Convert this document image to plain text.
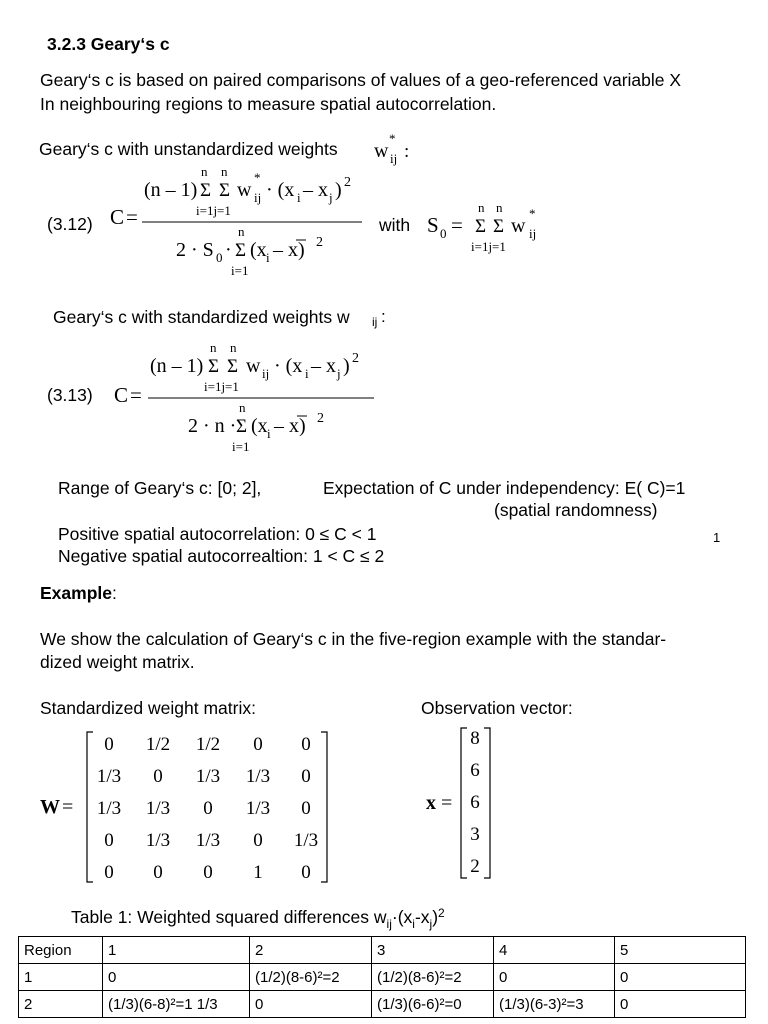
3.2.3 Geary‘s c
Geary‘s c is based on paired comparisons of values of a geo-referenced variable X
In neighbouring regions to measure spatial autocorrelation.
Geary‘s c with unstandardized weights w
*
ij :
(3.12) C =
n n
(n – 1) Σ Σ w
*
ij · (x i – x j ) 2
i=1j=1
n
2 · S 0 · Σ (x i – x) 2
i=1
with S 0 =
n n
Σ Σ w
*
ij
i=1j=1
Geary‘s c with standardized weights w ij :
(3.13) C =
n n
(n – 1) Σ Σ w ij · (x i – x j ) 2
i=1j=1
n
2 · n · Σ (x i – x) 2
i=1
Range of Geary‘s c: [0; 2],	Expectation of C under independency: E( C)=1
(spatial randomness)
Positive spatial autocorrelation: 0 ≤ C < 1
Negative spatial autocorrealtion: 1 < C ≤ 2
1
Example:
We show the calculation of Geary‘s c in the five-region example with the standar-
dized weight matrix.
Standardized weight matrix:	Observation vector:
W =
0 1/2 1/2 0 0
1/3 0 1/3 1/3 0
1/3 1/3 0 1/3 0
0 1/3 1/3 0 1/3
0 0 0 1 0
x =
8
6
6
3
2
Table 1: Weighted squared differences $w_{ij}\cdot(x_i-x_j)^2$
Region	1	2	3	4	5
1	0	(1/2)(8-6)²=2	(1/2)(8-6)²=2	0	0
2	(1/3)(6-8)²=1 1/3	0	(1/3)(6-6)²=0	(1/3)(6-3)²=3	0
